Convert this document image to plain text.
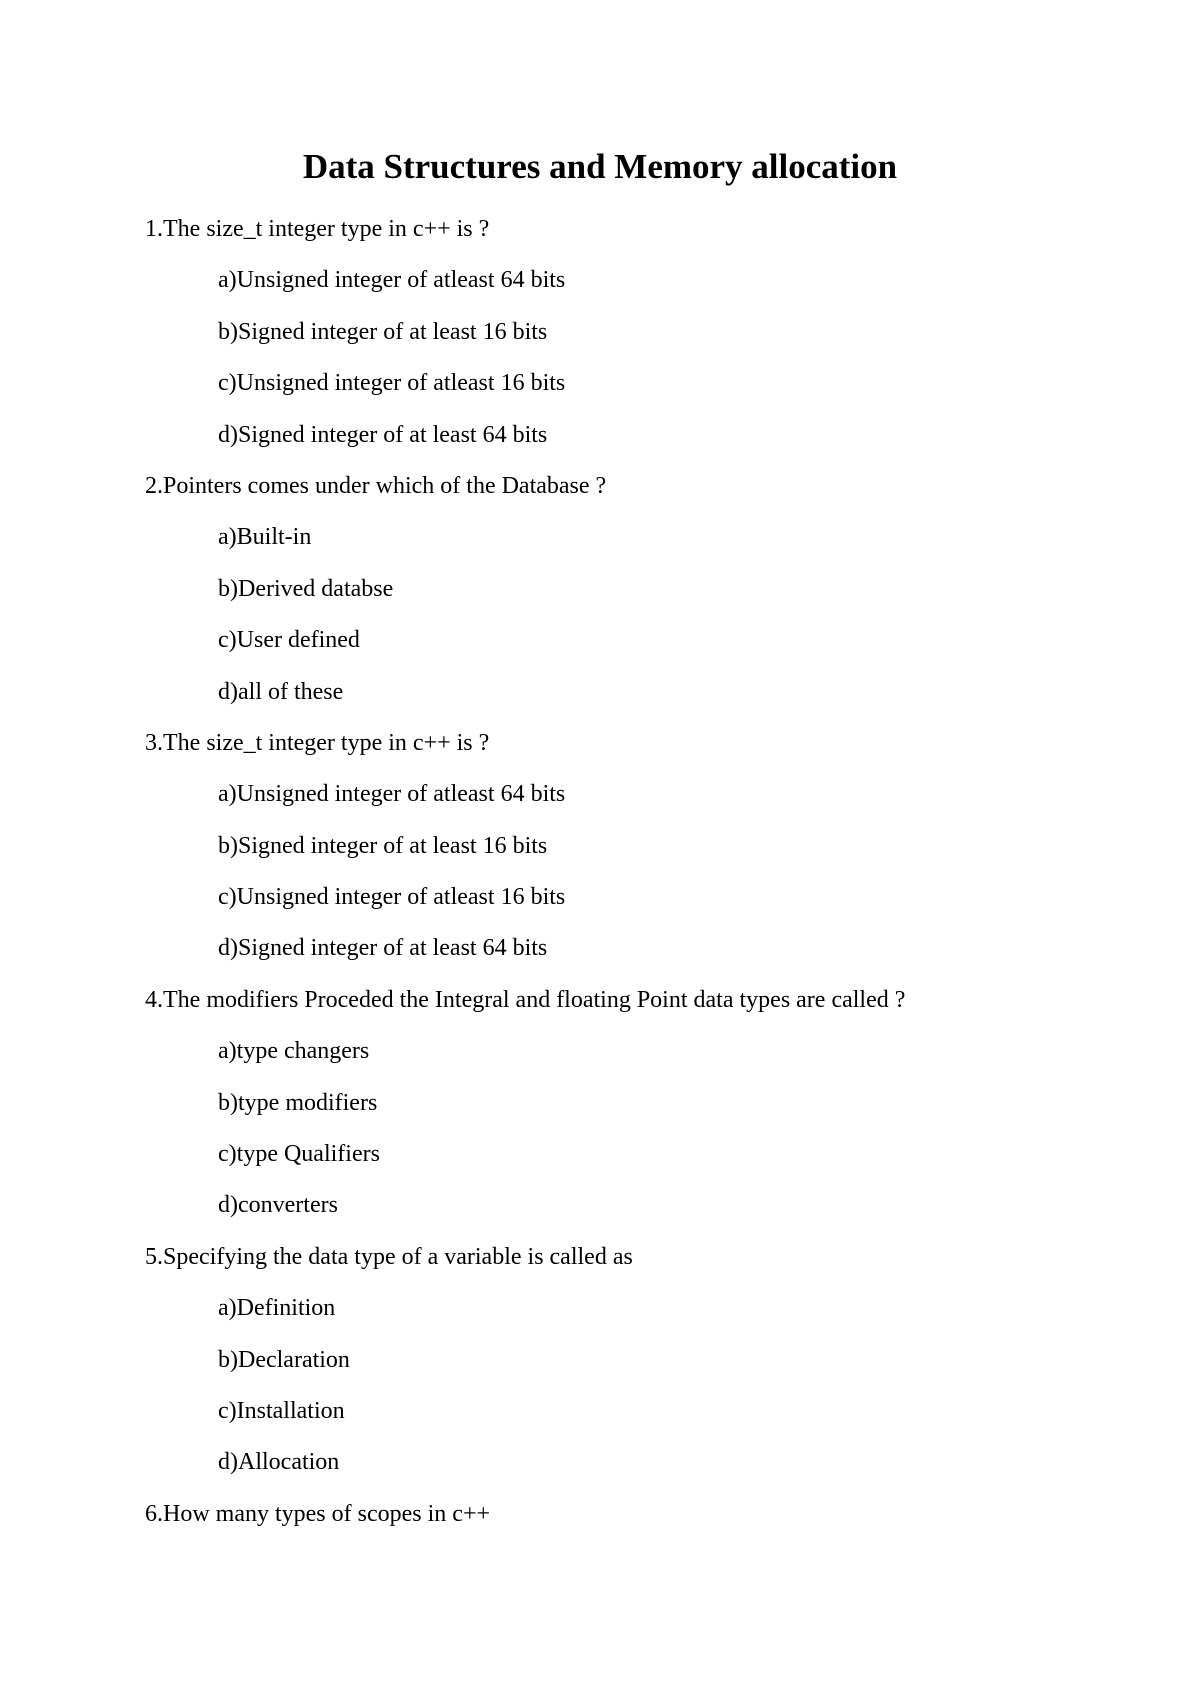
Data Structures and Memory allocation

1.The size_t integer type in c++ is ?

a)Unsigned integer of atleast 64 bits

b)Signed integer of at least 16 bits

c)Unsigned integer of atleast 16 bits

d)Signed integer of at least 64 bits

2.Pointers comes under which of the Database ?

a)Built-in

b)Derived databse

c)User defined

d)all of these

3.The size_t integer type in c++ is ?

a)Unsigned integer of atleast 64 bits

b)Signed integer of at least 16 bits

c)Unsigned integer of atleast 16 bits

d)Signed integer of at least 64 bits

4.The modifiers Proceded the Integral and floating Point data types are called ?

a)type changers

b)type modifiers

c)type Qualifiers

d)converters

5.Specifying the data type of a variable is called as

a)Definition

b)Declaration

c)Installation

d)Allocation

6.How many types of scopes in c++
